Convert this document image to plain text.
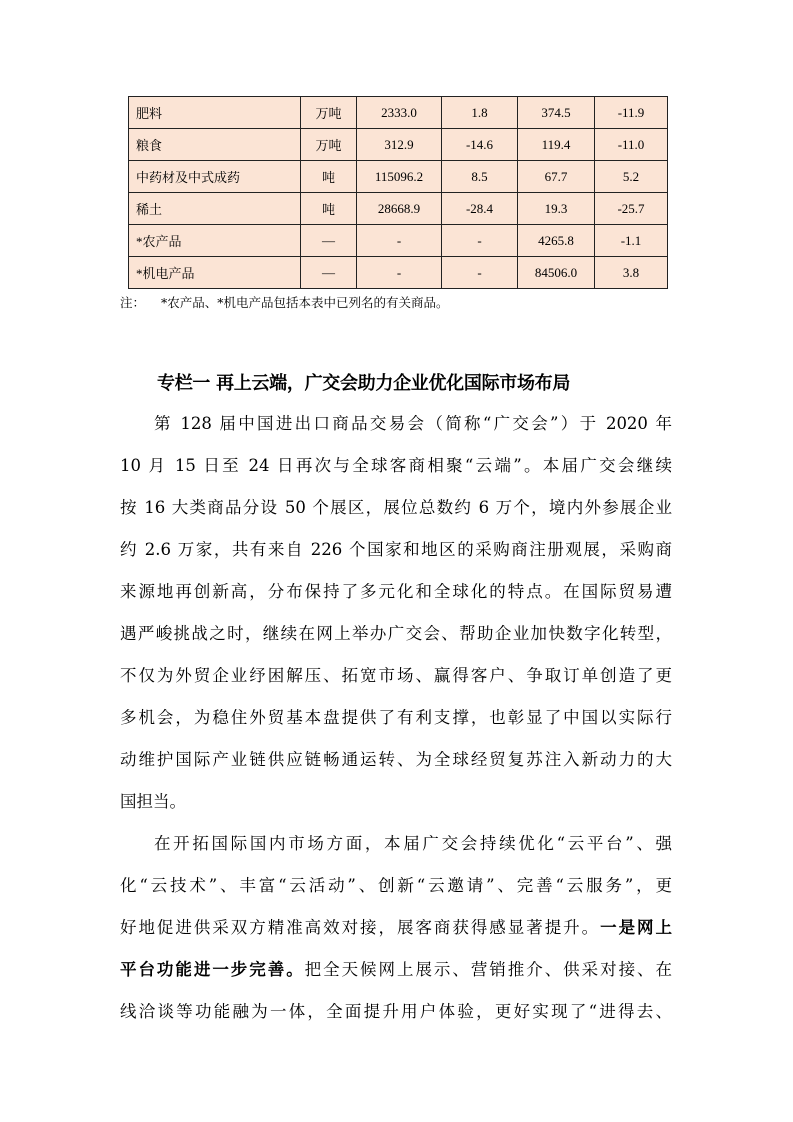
肥料	万吨	2333.0	1.8	374.5	-11.9
粮食	万吨	312.9	-14.6	119.4	-11.0
中药材及中式成药	吨	115096.2	8.5	67.7	5.2
稀土	吨	28668.9	-28.4	19.3	-25.7
*农产品	—	-	-	4265.8	-1.1
*机电产品	—	-	-	84506.0	3.8
注： *农产品、*机电产品包括本表中已列名的有关商品。
专栏一 再上云端，广交会助力企业优化国际市场布局
第 128 届中国进出口商品交易会（简称“广交会”）于 2020 年
10 月 15 日至 24 日再次与全球客商相聚“云端”。本届广交会继续
按 16 大类商品分设 50 个展区，展位总数约 6 万个，境内外参展企业
约 2.6 万家，共有来自 226 个国家和地区的采购商注册观展，采购商
来源地再创新高，分布保持了多元化和全球化的特点。在国际贸易遭
遇严峻挑战之时，继续在网上举办广交会、帮助企业加快数字化转型，
不仅为外贸企业纾困解压、拓宽市场、赢得客户、争取订单创造了更
多机会，为稳住外贸基本盘提供了有利支撑，也彰显了中国以实际行
动维护国际产业链供应链畅通运转、为全球经贸复苏注入新动力的大
国担当。
在开拓国际国内市场方面，本届广交会持续优化“云平台”、强
化“云技术”、丰富“云活动”、创新“云邀请”、完善“云服务”，更
好地促进供采双方精准高效对接，展客商获得感显著提升。一是网上
平台功能进一步完善。把全天候网上展示、营销推介、供采对接、在
线洽谈等功能融为一体，全面提升用户体验，更好实现了“进得去、
